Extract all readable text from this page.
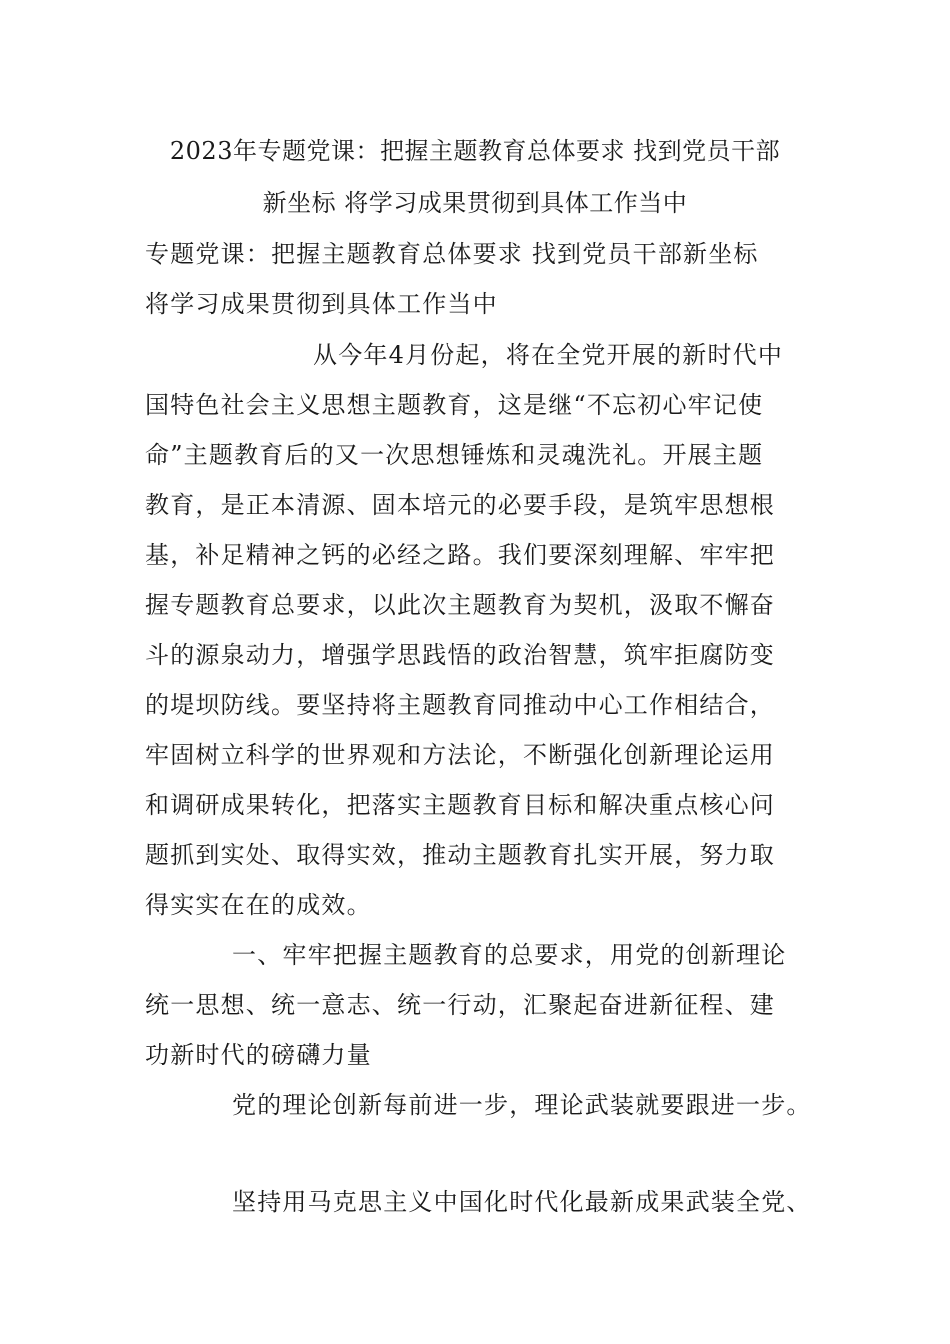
2023年专题党课：把握主题教育总体要求 找到党员干部
新坐标 将学习成果贯彻到具体工作当中
专题党课：把握主题教育总体要求 找到党员干部新坐标
将学习成果贯彻到具体工作当中
从今年4月份起，将在全党开展的新时代中
国特色社会主义思想主题教育，这是继“不忘初心牢记使
命”主题教育后的又一次思想锤炼和灵魂洗礼。开展主题
教育，是正本清源、固本培元的必要手段，是筑牢思想根
基，补足精神之钙的必经之路。我们要深刻理解、牢牢把
握专题教育总要求，以此次主题教育为契机，汲取不懈奋
斗的源泉动力，增强学思践悟的政治智慧，筑牢拒腐防变
的堤坝防线。要坚持将主题教育同推动中心工作相结合，
牢固树立科学的世界观和方法论，不断强化创新理论运用
和调研成果转化，把落实主题教育目标和解决重点核心问
题抓到实处、取得实效，推动主题教育扎实开展，努力取
得实实在在的成效。
一、牢牢把握主题教育的总要求，用党的创新理论
统一思想、统一意志、统一行动，汇聚起奋进新征程、建
功新时代的磅礴力量
党的理论创新每前进一步，理论武装就要跟进一步。
坚持用马克思主义中国化时代化最新成果武装全党、
